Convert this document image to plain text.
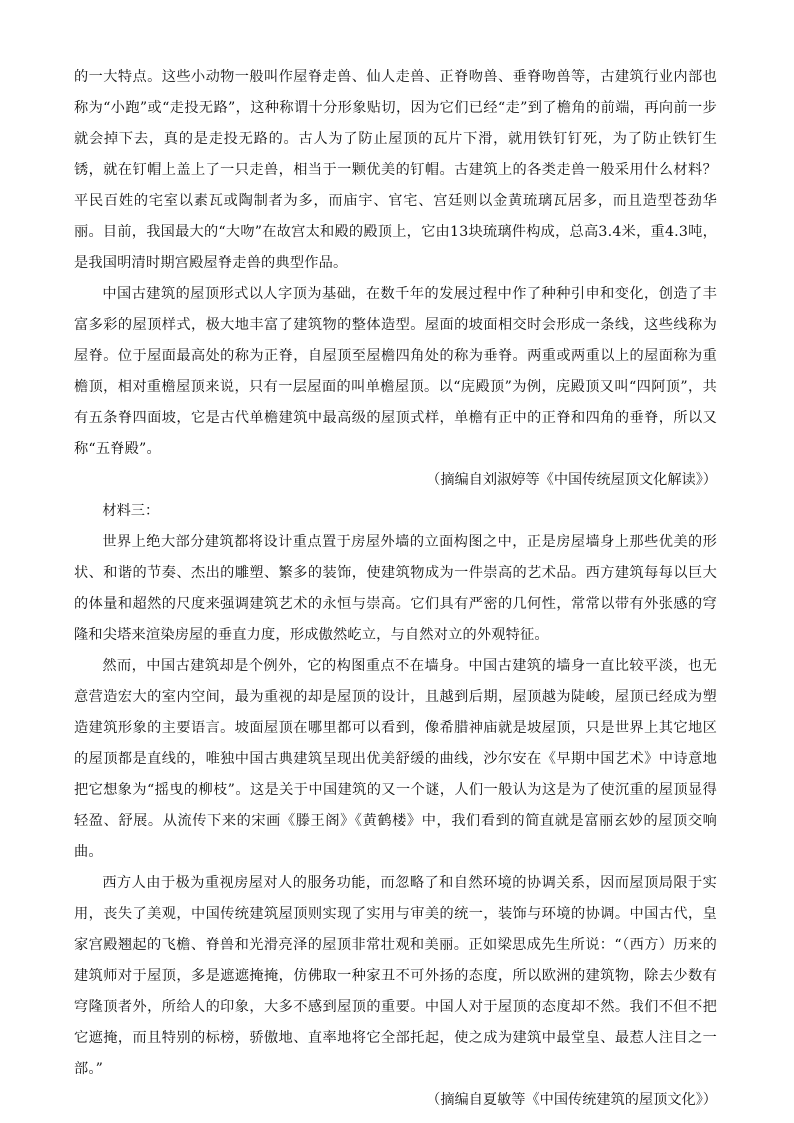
的一大特点。这些小动物一般叫作屋脊走兽、仙人走兽、正脊吻兽、垂脊吻兽等，古建筑行业内部也称为“小跑”或“走投无路”，这种称谓十分形象贴切，因为它们已经“走”到了檐角的前端，再向前一步就会掉下去，真的是走投无路的。古人为了防止屋顶的瓦片下滑，就用铁钉钉死，为了防止铁钉生锈，就在钉帽上盖上了一只走兽，相当于一颗优美的钉帽。古建筑上的各类走兽一般采用什么材料？平民百姓的宅室以素瓦或陶制者为多，而庙宇、官宅、宫廷则以金黄琉璃瓦居多，而且造型苍劲华丽。目前，我国最大的“大吻”在故宫太和殿的殿顶上，它由13块琉璃件构成，总高3.4米，重4.3吨，是我国明清时期宫殿屋脊走兽的典型作品。

中国古建筑的屋顶形式以人字顶为基础，在数千年的发展过程中作了种种引申和变化，创造了丰富多彩的屋顶样式，极大地丰富了建筑物的整体造型。屋面的坡面相交时会形成一条线，这些线称为屋脊。位于屋面最高处的称为正脊，自屋顶至屋檐四角处的称为垂脊。两重或两重以上的屋面称为重檐顶，相对重檐屋顶来说，只有一层屋面的叫单檐屋顶。以“庑殿顶”为例，庑殿顶又叫“四阿顶”，共有五条脊四面坡，它是古代单檐建筑中最高级的屋顶式样，单檐有正中的正脊和四角的垂脊，所以又称“五脊殿”。

（摘编自刘淑婷等《中国传统屋顶文化解读》）

材料三：

世界上绝大部分建筑都将设计重点置于房屋外墙的立面构图之中，正是房屋墙身上那些优美的形状、和谐的节奏、杰出的雕塑、繁多的装饰，使建筑物成为一件崇高的艺术品。西方建筑每每以巨大的体量和超然的尺度来强调建筑艺术的永恒与崇高。它们具有严密的几何性，常常以带有外张感的穹隆和尖塔来渲染房屋的垂直力度，形成傲然屹立，与自然对立的外观特征。

然而，中国古建筑却是个例外，它的构图重点不在墙身。中国古建筑的墙身一直比较平淡，也无意营造宏大的室内空间，最为重视的却是屋顶的设计，且越到后期，屋顶越为陡峻，屋顶已经成为塑造建筑形象的主要语言。坡面屋顶在哪里都可以看到，像希腊神庙就是坡屋顶，只是世界上其它地区的屋顶都是直线的，唯独中国古典建筑呈现出优美舒缓的曲线，沙尔安在《早期中国艺术》中诗意地把它想象为“摇曳的柳枝”。这是关于中国建筑的又一个谜，人们一般认为这是为了使沉重的屋顶显得轻盈、舒展。从流传下来的宋画《滕王阁》《黄鹤楼》中，我们看到的简直就是富丽玄妙的屋顶交响曲。

西方人由于极为重视房屋对人的服务功能，而忽略了和自然环境的协调关系，因而屋顶局限于实用，丧失了美观，中国传统建筑屋顶则实现了实用与审美的统一，装饰与环境的协调。中国古代，皇家宫殿翘起的飞檐、脊兽和光滑亮泽的屋顶非常壮观和美丽。正如梁思成先生所说：“（西方）历来的建筑师对于屋顶，多是遮遮掩掩，仿佛取一种家丑不可外扬的态度，所以欧洲的建筑物，除去少数有穹隆顶者外，所给人的印象，大多不感到屋顶的重要。中国人对于屋顶的态度却不然。我们不但不把它遮掩，而且特别的标榜，骄傲地、直率地将它全部托起，使之成为建筑中最堂皇、最惹人注目之一部。”

（摘编自夏敏等《中国传统建筑的屋顶文化》）
